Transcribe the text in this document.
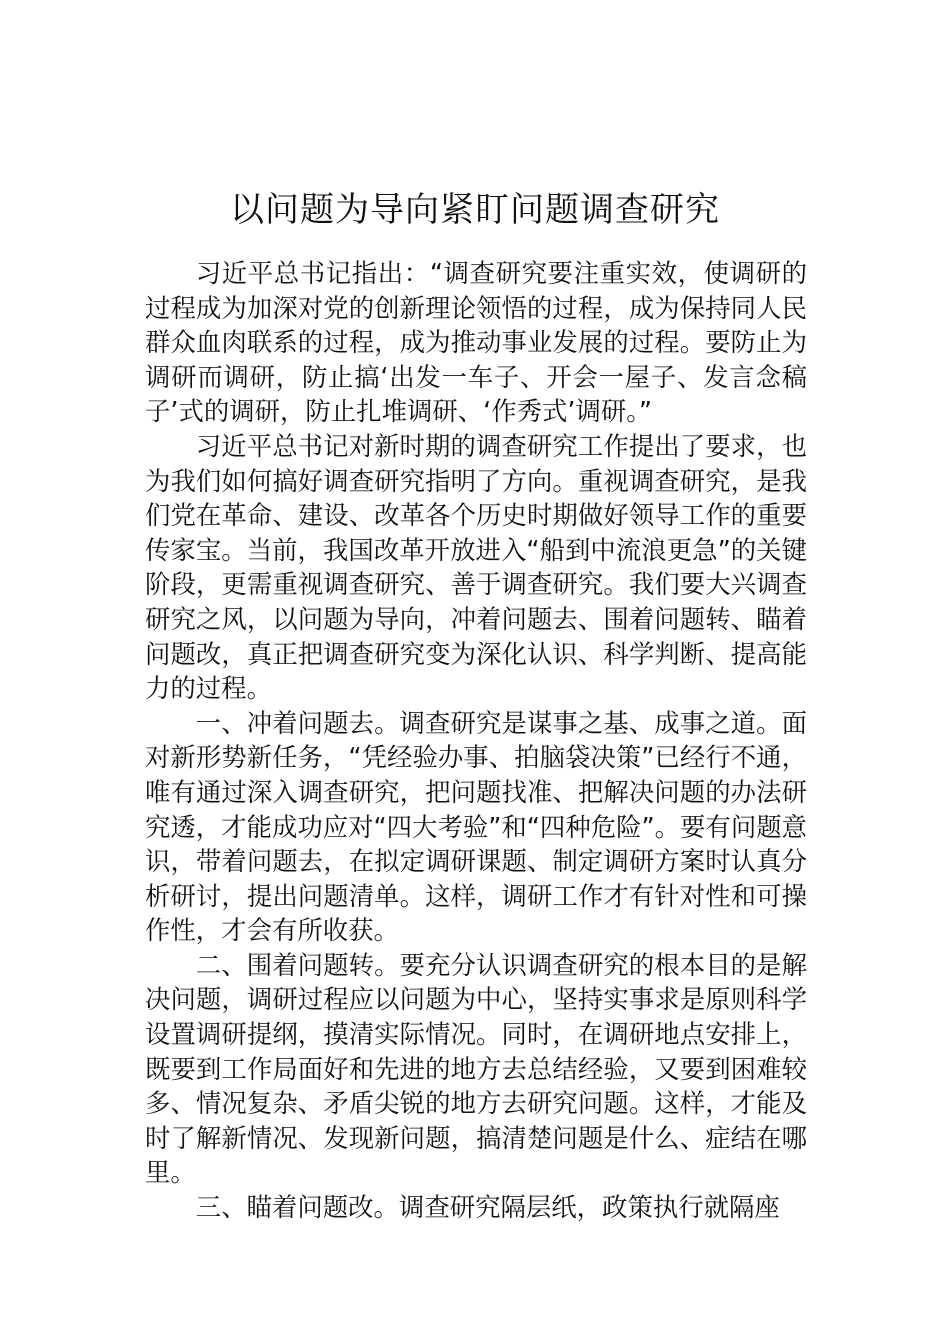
以问题为导向紧盯问题调查研究

习近平总书记指出：“调查研究要注重实效，使调研的过程成为加深对党的创新理论领悟的过程，成为保持同人民群众血肉联系的过程，成为推动事业发展的过程。要防止为调研而调研，防止搞‘出发一车子、开会一屋子、发言念稿子’式的调研，防止扎堆调研、‘作秀式’调研。”

习近平总书记对新时期的调查研究工作提出了要求，也为我们如何搞好调查研究指明了方向。重视调查研究，是我们党在革命、建设、改革各个历史时期做好领导工作的重要传家宝。当前，我国改革开放进入“船到中流浪更急”的关键阶段，更需重视调查研究、善于调查研究。我们要大兴调查研究之风，以问题为导向，冲着问题去、围着问题转、瞄着问题改，真正把调查研究变为深化认识、科学判断、提高能力的过程。

一、冲着问题去。调查研究是谋事之基、成事之道。面对新形势新任务，“凭经验办事、拍脑袋决策”已经行不通，唯有通过深入调查研究，把问题找准、把解决问题的办法研究透，才能成功应对“四大考验”和“四种危险”。要有问题意识，带着问题去，在拟定调研课题、制定调研方案时认真分析研讨，提出问题清单。这样，调研工作才有针对性和可操作性，才会有所收获。

二、围着问题转。要充分认识调查研究的根本目的是解决问题，调研过程应以问题为中心，坚持实事求是原则科学设置调研提纲，摸清实际情况。同时，在调研地点安排上，既要到工作局面好和先进的地方去总结经验，又要到困难较多、情况复杂、矛盾尖锐的地方去研究问题。这样，才能及时了解新情况、发现新问题，搞清楚问题是什么、症结在哪里。

三、瞄着问题改。调查研究隔层纸，政策执行就隔座
